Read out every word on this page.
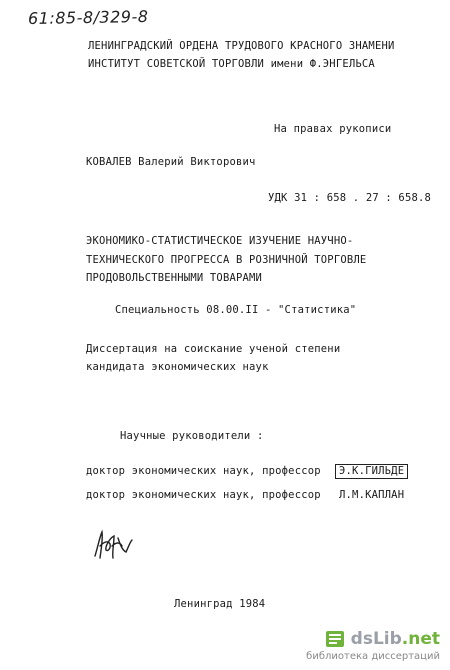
61:85-8/329-8
ЛЕНИНГРАДСКИЙ ОРДЕНА ТРУДОВОГО КРАСНОГО ЗНАМЕНИ
ИНСТИТУТ СОВЕТСКОЙ ТОРГОВЛИ имени Ф.ЭНГЕЛЬСА
На правах рукописи
КОВАЛЕВ Валерий Викторович
УДК 31 : 658 . 27 : 658.8
ЭКОНОМИКО-СТАТИСТИЧЕСКОЕ ИЗУЧЕНИЕ НАУЧНО-
ТЕХНИЧЕСКОГО ПРОГРЕССА В РОЗНИЧНОЙ ТОРГОВЛЕ
ПРОДОВОЛЬСТВЕННЫМИ ТОВАРАМИ
Специальность 08.00.II - "Статистика"
Диссертация на соискание ученой степени
кандидата экономических наук
Научные руководители :
доктор экономических наук, профессор	Э.К.ГИЛЬДЕ
доктор экономических наук, профессор Л.М.КАПЛАН
Ленинград 1984
dsLib.net
библиотека диссертаций
